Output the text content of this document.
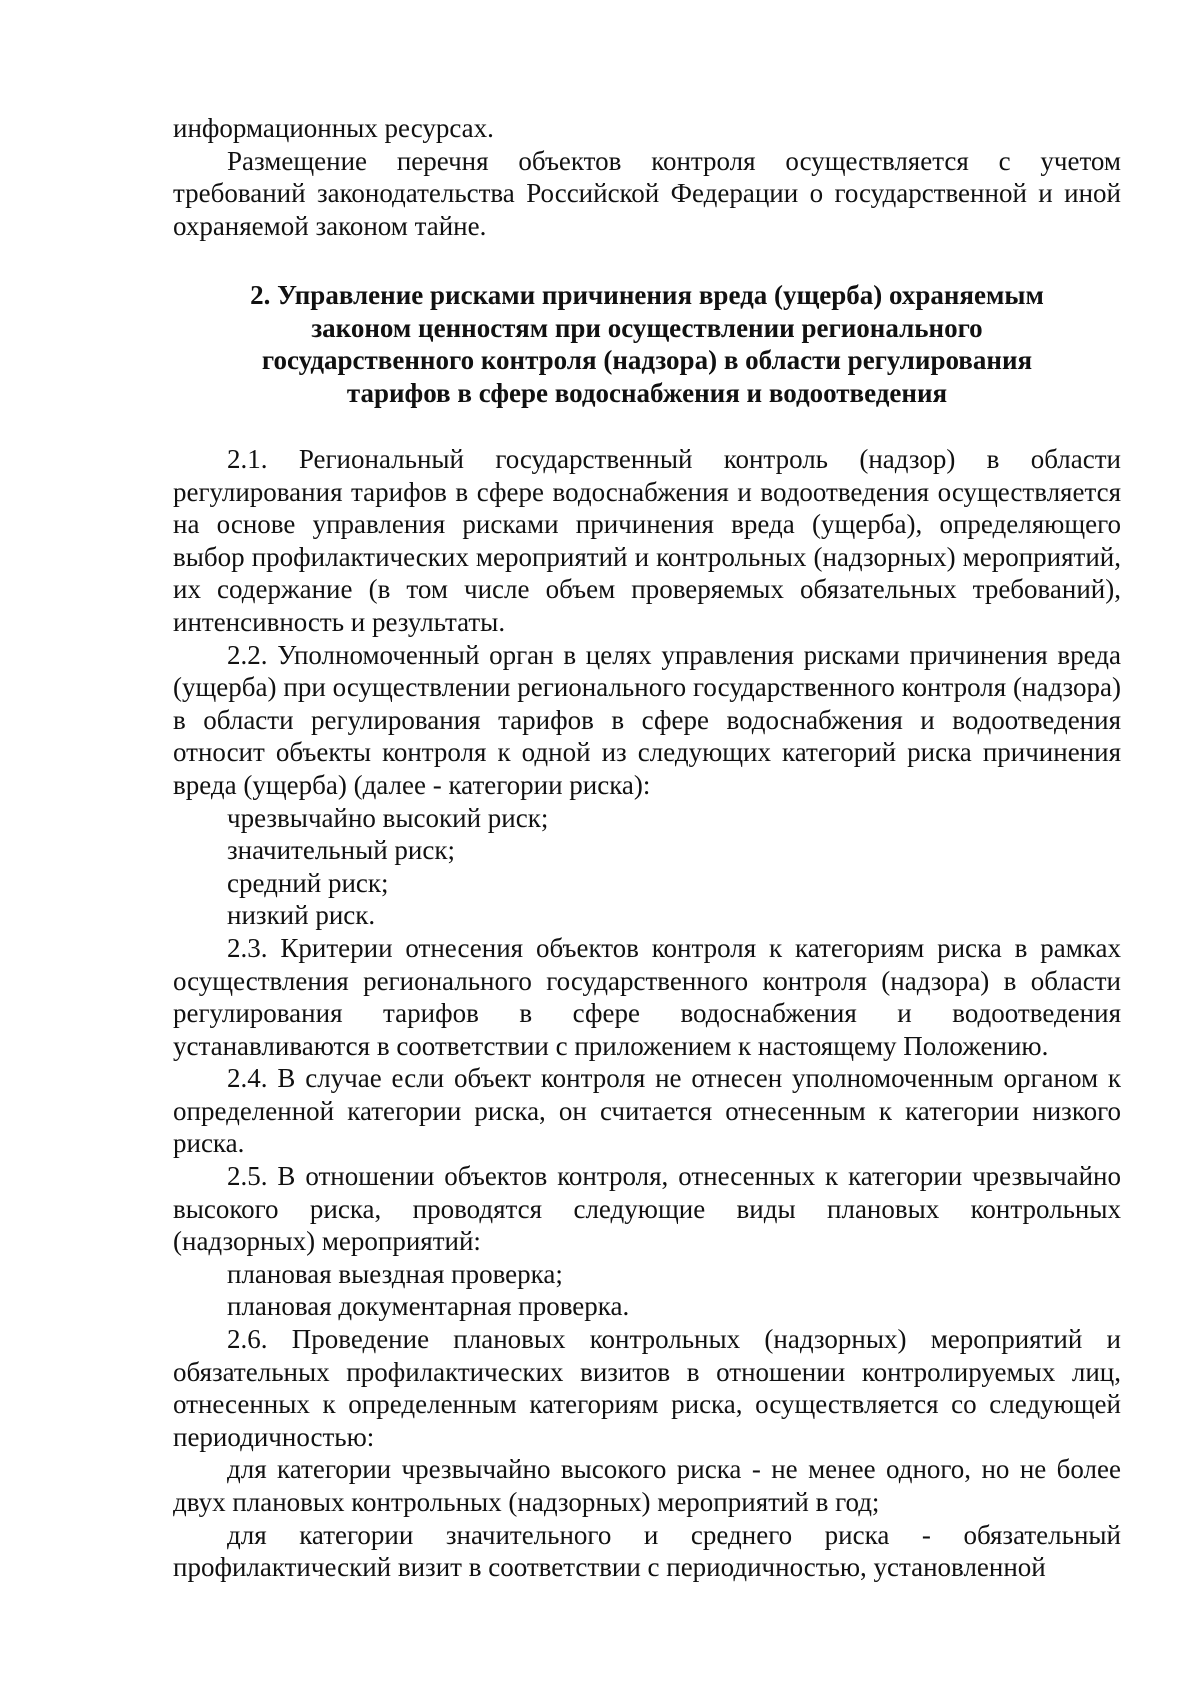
информационных ресурсах.

Размещение перечня объектов контроля осуществляется с учетом требований законодательства Российской Федерации о государственной и иной охраняемой законом тайне.

2. Управление рисками причинения вреда (ущерба) охраняемым
законом ценностям при осуществлении регионального
государственного контроля (надзора) в области регулирования
тарифов в сфере водоснабжения и водоотведения

2.1. Региональный государственный контроль (надзор) в области регулирования тарифов в сфере водоснабжения и водоотведения осуществляется на основе управления рисками причинения вреда (ущерба), определяющего выбор профилактических мероприятий и контрольных (надзорных) мероприятий, их содержание (в том числе объем проверяемых обязательных требований), интенсивность и результаты.

2.2. Уполномоченный орган в целях управления рисками причинения вреда (ущерба) при осуществлении регионального государственного контроля (надзора) в области регулирования тарифов в сфере водоснабжения и водоотведения относит объекты контроля к одной из следующих категорий риска причинения вреда (ущерба) (далее - категории риска):

чрезвычайно высокий риск;

значительный риск;

средний риск;

низкий риск.

2.3. Критерии отнесения объектов контроля к категориям риска в рамках осуществления регионального государственного контроля (надзора) в области регулирования тарифов в сфере водоснабжения и водоотведения устанавливаются в соответствии с приложением к настоящему Положению.

2.4. В случае если объект контроля не отнесен уполномоченным органом к определенной категории риска, он считается отнесенным к категории низкого риска.

2.5. В отношении объектов контроля, отнесенных к категории чрезвычайно высокого риска, проводятся следующие виды плановых контрольных (надзорных) мероприятий:

плановая выездная проверка;

плановая документарная проверка.

2.6. Проведение плановых контрольных (надзорных) мероприятий и обязательных профилактических визитов в отношении контролируемых лиц, отнесенных к определенным категориям риска, осуществляется со следующей периодичностью:

для категории чрезвычайно высокого риска - не менее одного, но не более двух плановых контрольных (надзорных) мероприятий в год;

для категории значительного и среднего риска - обязательный профилактический визит в соответствии с периодичностью, установленной
